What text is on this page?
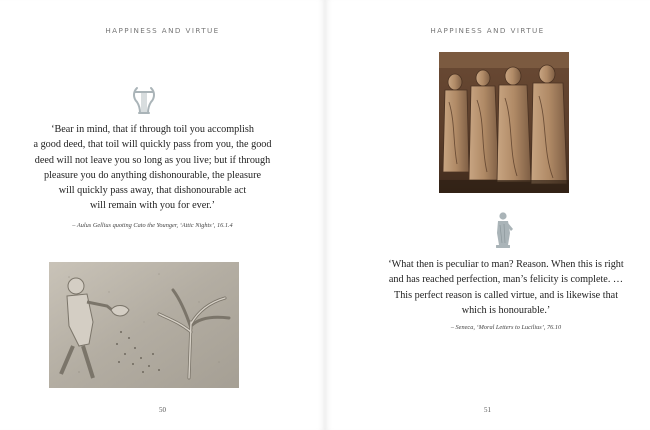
HAPPINESS AND VIRTUE
‘Bear in mind, that if through toil you accomplish
a good deed, that toil will quickly pass from you, the good
deed will not leave you so long as you live; but if through
pleasure you do anything dishonourable, the pleasure
will quickly pass away, that dishonourable act
will remain with you for ever.’
– Aulus Gellius quoting Cato the Younger, ‘Attic Nights’, 16.1.4
50
HAPPINESS AND VIRTUE
‘What then is peculiar to man? Reason. When this is right
and has reached perfection, man’s felicity is complete. …
This perfect reason is called virtue, and is likewise that
which is honourable.’
– Seneca, ‘Moral Letters to Lucilius’, 76.10
51
